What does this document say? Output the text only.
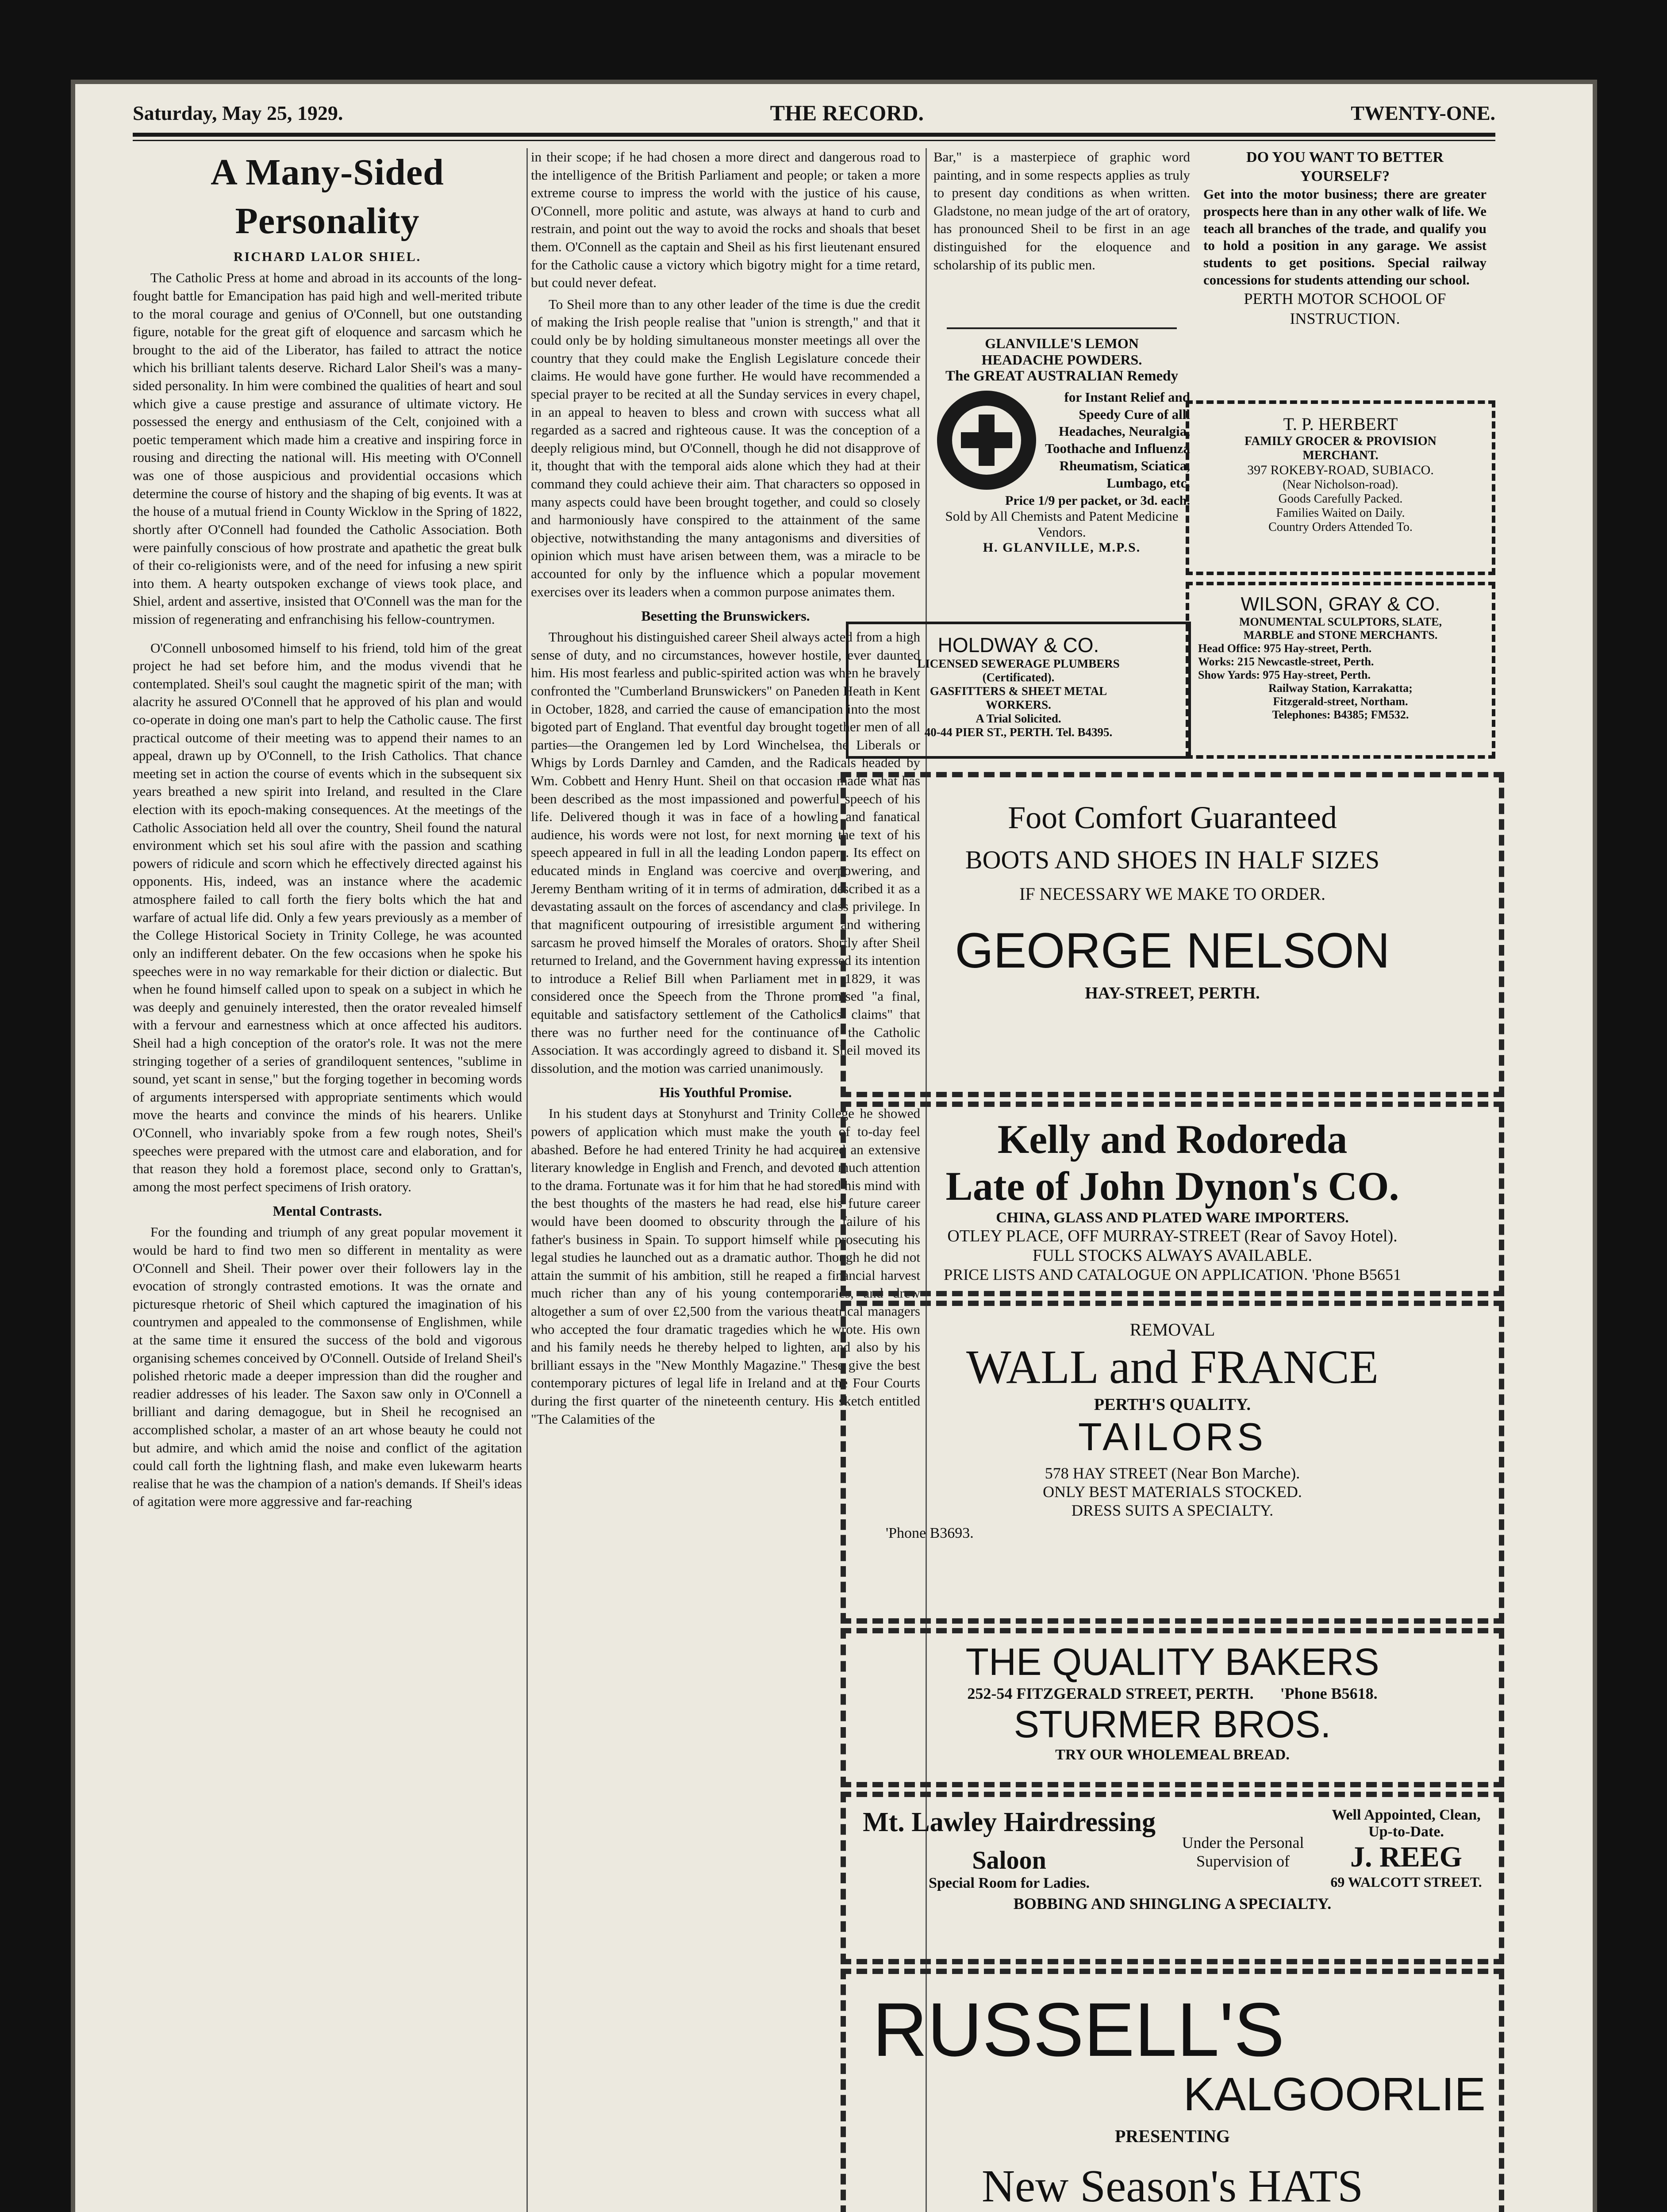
Saturday, May 25, 1929.	THE RECORD.	TWENTY-ONE.
A Many-Sided Personality
RICHARD LALOR SHIEL.

The Catholic Press at home and abroad in its accounts of the long-fought battle for Emancipation has paid high and well-merited tribute to the moral courage and genius of O'Connell, but one outstanding figure, notable for the great gift of eloquence and sarcasm which he brought to the aid of the Liberator, has failed to attract the notice which his brilliant talents deserve. Richard Lalor Sheil's was a many-sided personality. In him were combined the qualities of heart and soul which give a cause prestige and assurance of ultimate victory. He possessed the energy and enthusiasm of the Celt, conjoined with a poetic temperament which made him a creative and inspiring force in rousing and directing the national will. His meeting with O'Connell was one of those auspicious and providential occasions which determine the course of history and the shaping of big events. It was at the house of a mutual friend in County Wicklow in the Spring of 1822, shortly after O'Connell had founded the Catholic Association. Both were painfully conscious of how prostrate and apathetic the great bulk of their co-religionists were, and of the need for infusing a new spirit into them. A hearty outspoken exchange of views took place, and Shiel, ardent and assertive, insisted that O'Connell was the man for the mission of regenerating and enfranchising his fellow-countrymen.

O'Connell unbosomed himself to his friend, told him of the great project he had set before him, and the modus vivendi that he contemplated. Sheil's soul caught the magnetic spirit of the man; with alacrity he assured O'Connell that he approved of his plan and would co-operate in doing one man's part to help the Catholic cause. The first practical outcome of their meeting was to append their names to an appeal, drawn up by O'Connell, to the Irish Catholics. That chance meeting set in action the course of events which in the subsequent six years breathed a new spirit into Ireland, and resulted in the Clare election with its epoch-making consequences. At the meetings of the Catholic Association held all over the country, Sheil found the natural environment which set his soul afire with the passion and scathing powers of ridicule and scorn which he effectively directed against his opponents. His, indeed, was an instance where the academic atmosphere failed to call forth the fiery bolts which the hat and warfare of actual life did. Only a few years previously as a member of the College Historical Society in Trinity College, he was acounted only an indifferent debater. On the few occasions when he spoke his speeches were in no way remarkable for their diction or dialectic. But when he found himself called upon to speak on a subject in which he was deeply and genuinely interested, then the orator revealed himself with a fervour and earnestness which at once affected his auditors. Sheil had a high conception of the orator's role. It was not the mere stringing together of a series of grandiloquent sentences, "sublime in sound, yet scant in sense," but the forging together in becoming words of arguments interspersed with appropriate sentiments which would move the hearts and convince the minds of his hearers. Unlike O'Connell, who invariably spoke from a few rough notes, Sheil's speeches were prepared with the utmost care and elaboration, and for that reason they hold a foremost place, second only to Grattan's, among the most perfect specimens of Irish oratory.

Mental Contrasts.

For the founding and triumph of any great popular movement it would be hard to find two men so different in mentality as were O'Connell and Sheil. Their power over their followers lay in the evocation of strongly contrasted emotions. It was the ornate and picturesque rhetoric of Sheil which captured the imagination of his countrymen and appealed to the commonsense of Englishmen, while at the same time it ensured the success of the bold and vigorous organising schemes conceived by O'Connell. Outside of Ireland Sheil's polished rhetoric made a deeper impression than did the rougher and readier addresses of his leader. The Saxon saw only in O'Connell a brilliant and daring demagogue, but in Sheil he recognised an accomplished scholar, a master of an art whose beauty he could not but admire, and which amid the noise and conflict of the agitation could call forth the lightning flash, and make even lukewarm hearts realise that he was the champion of a nation's demands. If Sheil's ideas of agitation were more aggressive and far-reaching

in their scope; if he had chosen a more direct and dangerous road to the intelligence of the British Parliament and people; or taken a more extreme course to impress the world with the justice of his cause, O'Connell, more politic and astute, was always at hand to curb and restrain, and point out the way to avoid the rocks and shoals that beset them. O'Connell as the captain and Sheil as his first lieutenant ensured for the Catholic cause a victory which bigotry might for a time retard, but could never defeat.

To Sheil more than to any other leader of the time is due the credit of making the Irish people realise that "union is strength," and that it could only be by holding simultaneous monster meetings all over the country that they could make the English Legislature concede their claims. He would have gone further. He would have recommended a special prayer to be recited at all the Sunday services in every chapel, in an appeal to heaven to bless and crown with success what all regarded as a sacred and righteous cause. It was the conception of a deeply religious mind, but O'Connell, though he did not disapprove of it, thought that with the temporal aids alone which they had at their command they could achieve their aim. That characters so opposed in many aspects could have been brought together, and could so closely and harmoniously have conspired to the attainment of the same objective, notwithstanding the many antagonisms and diversities of opinion which must have arisen between them, was a miracle to be accounted for only by the influence which a popular movement exercises over its leaders when a common purpose animates them.

Besetting the Brunswickers.

Throughout his distinguished career Sheil always acted from a high sense of duty, and no circumstances, however hostile, ever daunted him. His most fearless and public-spirited action was when he bravely confronted the "Cumberland Brunswickers" on Paneden Heath in Kent in October, 1828, and carried the cause of emancipation into the most bigoted part of England. That eventful day brought together men of all parties—the Orangemen led by Lord Winchelsea, the Liberals or Whigs by Lords Darnley and Camden, and the Radicals headed by Wm. Cobbett and Henry Hunt. Sheil on that occasion made what has been described as the most impassioned and powerful speech of his life. Delivered though it was in face of a howling and fanatical audience, his words were not lost, for next morning the text of his speech appeared in full in all the leading London papers. Its effect on educated minds in England was coercive and overpowering, and Jeremy Bentham writing of it in terms of admiration, described it as a devastating assault on the forces of ascendancy and class privilege. In that magnificent outpouring of irresistible argument and withering sarcasm he proved himself the Morales of orators. Shortly after Sheil returned to Ireland, and the Government having expressed its intention to introduce a Relief Bill when Parliament met in 1829, it was considered once the Speech from the Throne promised "a final, equitable and satisfactory settlement of the Catholics' claims" that there was no further need for the continuance of the Catholic Association. It was accordingly agreed to disband it. Sheil moved its dissolution, and the motion was carried unanimously.

His Youthful Promise.

In his student days at Stonyhurst and Trinity College he showed powers of application which must make the youth of to-day feel abashed. Before he had entered Trinity he had acquired an extensive literary knowledge in English and French, and devoted much attention to the drama. Fortunate was it for him that he had stored his mind with the best thoughts of the masters he had read, else his future career would have been doomed to obscurity through the failure of his father's business in Spain. To support himself while prosecuting his legal studies he launched out as a dramatic author. Though he did not attain the summit of his ambition, still he reaped a financial harvest much richer than any of his young contemporaries, and drew altogether a sum of over £2,500 from the various theatrical managers who accepted the four dramatic tragedies which he wrote. His own and his family needs he thereby helped to lighten, and also by his brilliant essays in the "New Monthly Magazine." These give the best contemporary pictures of legal life in Ireland and at the Four Courts during the first quarter of the nineteenth century. His sketch entitled "The Calamities of the

Bar," is a masterpiece of graphic word painting, and in some respects applies as truly to present day conditions as when written. Gladstone, no mean judge of the art of oratory, has pronounced Sheil to be first in an age distinguished for the eloquence and scholarship of its public men.

GLANVILLE'S LEMON
HEADACHE POWDERS.
The GREAT AUSTRALIAN Remedy
for Instant Relief and Speedy Cure of alll Headaches, Neuralgia, Toothache and Influenza Rheumatism, Sciatica, Lumbago, etc.
Price 1/9 per packet, or 3d. each.
Sold by All Chemists and Patent Medicine Vendors.
H. GLANVILLE, M.P.S.
HOLDWAY & CO.
LICENSED SEWERAGE PLUMBERS
(Certificated).
GASFITTERS & SHEET METAL
WORKERS.
A Trial Solicited.
40-44 PIER ST., PERTH. Tel. B4395.
DO YOU WANT TO BETTER
YOURSELF?
Get into the motor business; there are greater prospects here than in any other walk of life. We teach all branches of the trade, and qualify you to hold a position in any garage. We assist students to get positions. Special railway concessions for students attending our school.
PERTH MOTOR SCHOOL OF INSTRUCTION.
T. P. HERBERT
FAMILY GROCER & PROVISION
MERCHANT.
397 ROKEBY-ROAD, SUBIACO.
(Near Nicholson-road).
Goods Carefully Packed.
Families Waited on Daily.
Country Orders Attended To.
WILSON, GRAY & CO.
MONUMENTAL SCULPTORS, SLATE,
MARBLE and STONE MERCHANTS.
Head Office: 975 Hay-street, Perth.
Works: 215 Newcastle-street, Perth.
Show Yards: 975 Hay-street, Perth.
Railway Station, Karrakatta;
Fitzgerald-street, Northam.
Telephones: B4385; FM532.
Foot Comfort Guaranteed
BOOTS AND SHOES IN HALF SIZES
IF NECESSARY WE MAKE TO ORDER.
GEORGE NELSON
HAY-STREET, PERTH.
Kelly and Rodoreda
Late of John Dynon's CO.
CHINA, GLASS AND PLATED WARE IMPORTERS.
OTLEY PLACE, OFF MURRAY-STREET (Rear of Savoy Hotel).
FULL STOCKS ALWAYS AVAILABLE.
PRICE LISTS AND CATALOGUE ON APPLICATION. 'Phone B5651
REMOVAL
WALL and FRANCE
PERTH'S QUALITY.
TAILORS
578 HAY STREET (Near Bon Marche).
ONLY BEST MATERIALS STOCKED.
DRESS SUITS A SPECIALTY.
'Phone B3693.
THE QUALITY BAKERS
252-54 FITZGERALD STREET, PERTH. 'Phone B5618.
STURMER BROS.
TRY OUR WHOLEMEAL BREAD.
Mt. Lawley Hairdressing
Saloon
Special Room for Ladies.
Under the Personal
Supervision of
Well Appointed, Clean,
Up-to-Date.
J. REEG
69 WALCOTT STREET.
BOBBING AND SHINGLING A SPECIALTY.
RUSSELL'S
KALGOORLIE
PRESENTING
New Season's HATS
